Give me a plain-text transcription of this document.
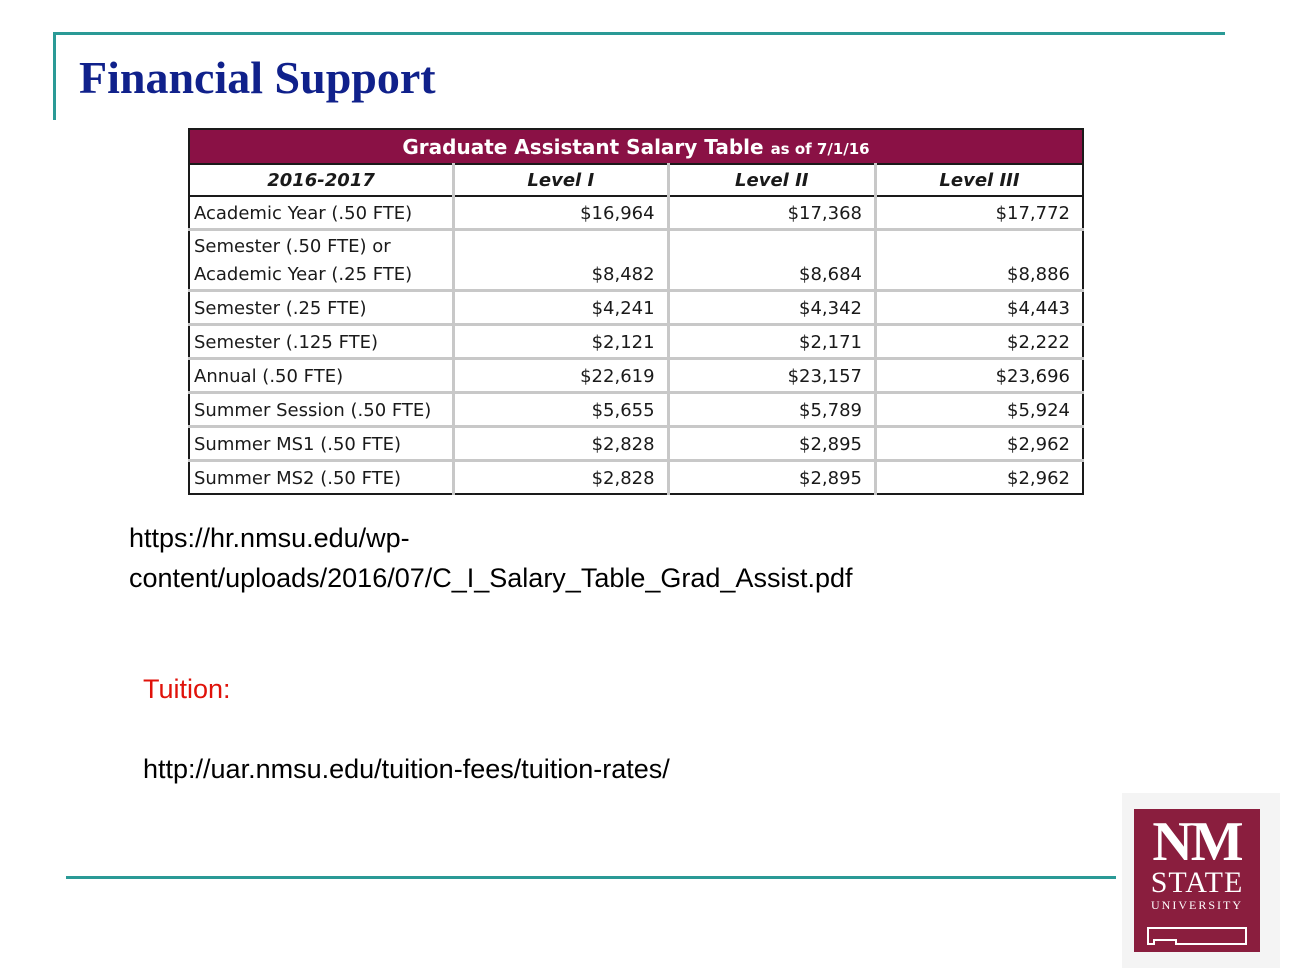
Financial Support
Graduate Assistant Salary Table as of 7/1/16			
2016-2017	Level I	Level II	Level III
Academic Year (.50 FTE)	$16,964	$17,368	$17,772

Semester (.50 FTE) or
Academic Year (.25 FTE)	$8,482	$8,684	$8,886
Semester (.25 FTE)	$4,241	$4,342	$4,443
Semester (.125 FTE)	$2,121	$2,171	$2,222
Annual (.50 FTE)	$22,619	$23,157	$23,696
Summer Session (.50 FTE)	$5,655	$5,789	$5,924
Summer MS1 (.50 FTE)	$2,828	$2,895	$2,962
Summer MS2 (.50 FTE)	$2,828	$2,895	$2,962
https://hr.nmsu.edu/wp-
content/uploads/2016/07/C_I_Salary_Table_Grad_Assist.pdf
Tuition:
http://uar.nmsu.edu/tuition-fees/tuition-rates/
NM
STATE
UNIVERSITY
